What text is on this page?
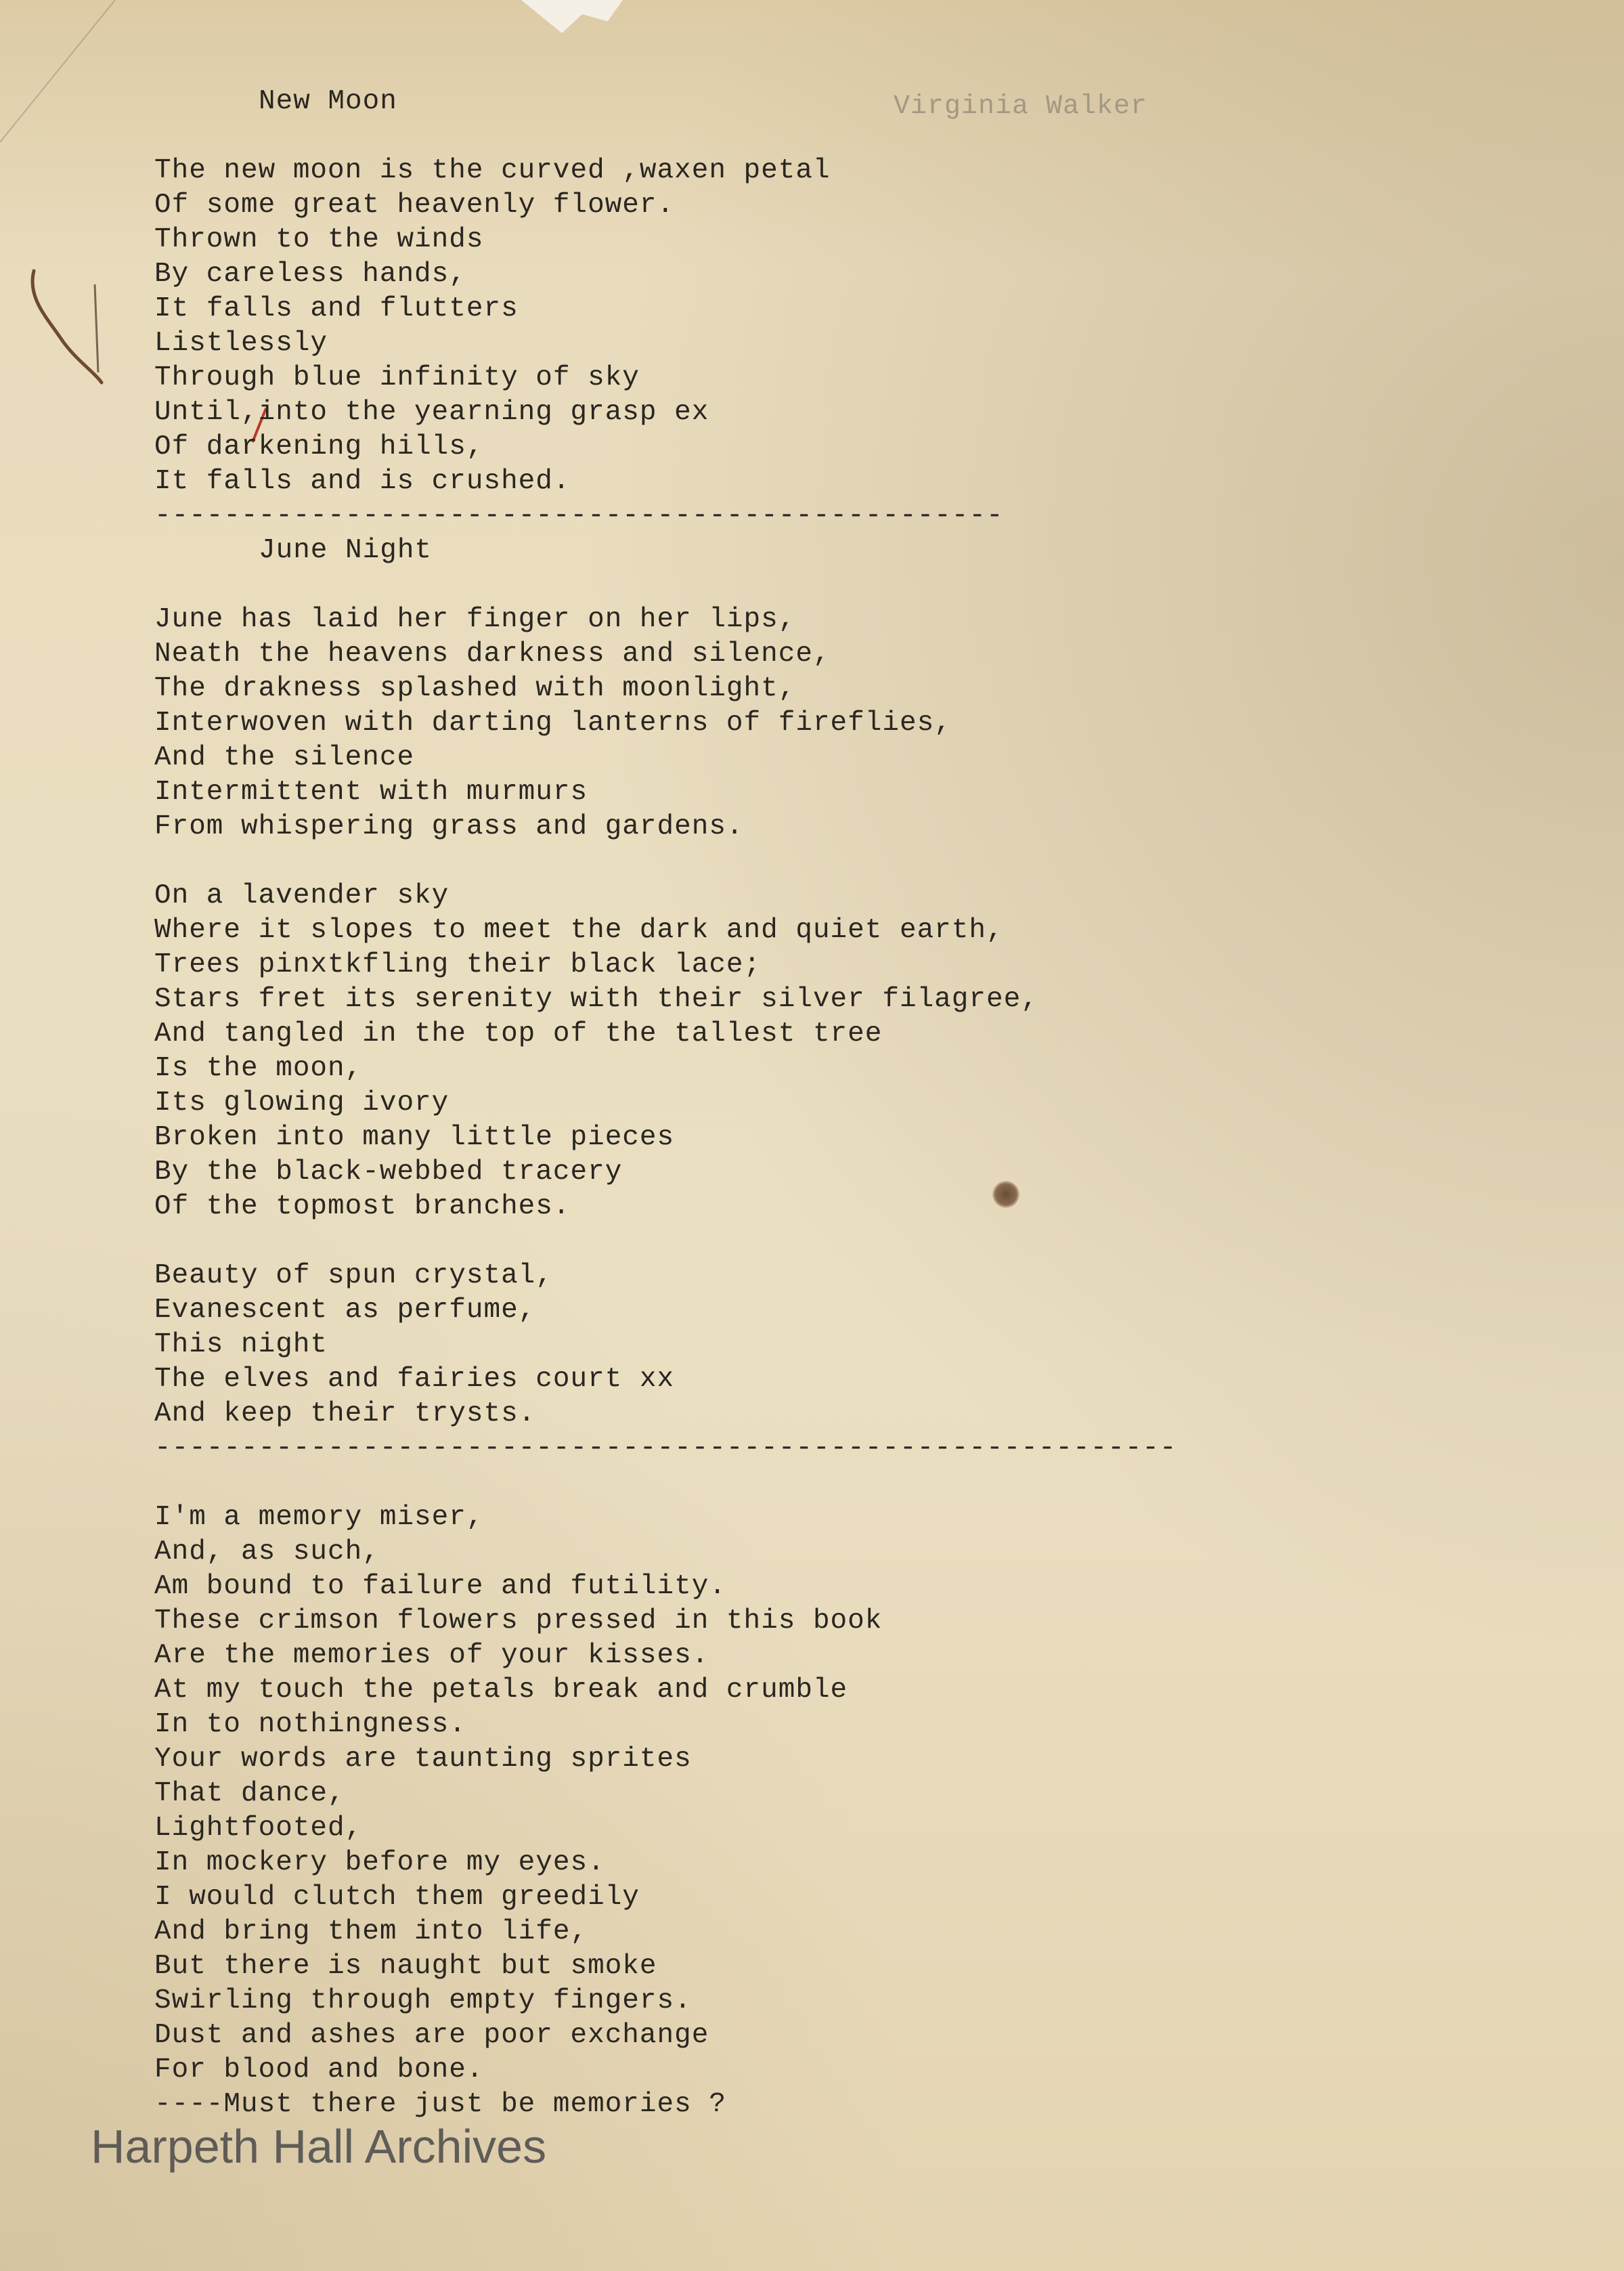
Virginia Walker
New Moon
The new moon is the curved ,waxen petal
Of some great heavenly flower.
Thrown to the winds
By careless hands,
It falls and flutters
Listlessly
Through blue infinity of sky
Until,into the yearning grasp ex
Of darkening hills,
It falls and is crushed.
-------------------------------------------------
June Night
June has laid her finger on her lips,
Neath the heavens darkness and silence,
The drakness splashed with moonlight,
Interwoven with darting lanterns of fireflies,
And the silence
Intermittent with murmurs
From whispering grass and gardens.
On a lavender sky
Where it slopes to meet the dark and quiet earth,
Trees pinxtkfling their black lace;
Stars fret its serenity with their silver filagree,
And tangled in the top of the tallest tree
Is the moon,
Its glowing ivory
Broken into many little pieces
By the black-webbed tracery
Of the topmost branches.
Beauty of spun crystal,
Evanescent as perfume,
This night
The elves and fairies court xx
And keep their trysts.
-----------------------------------------------------------
I'm a memory miser,
And, as such,
Am bound to failure and futility.
These crimson flowers pressed in this book
Are the memories of your kisses.
At my touch the petals break and crumble
In to nothingness.
Your words are taunting sprites
That dance,
Lightfooted,
In mockery before my eyes.
I would clutch them greedily
And bring them into life,
But there is naught but smoke
Swirling through empty fingers.
Dust and ashes are poor exchange
For blood and bone.
----Must there just be memories ?
Harpeth Hall Archives
